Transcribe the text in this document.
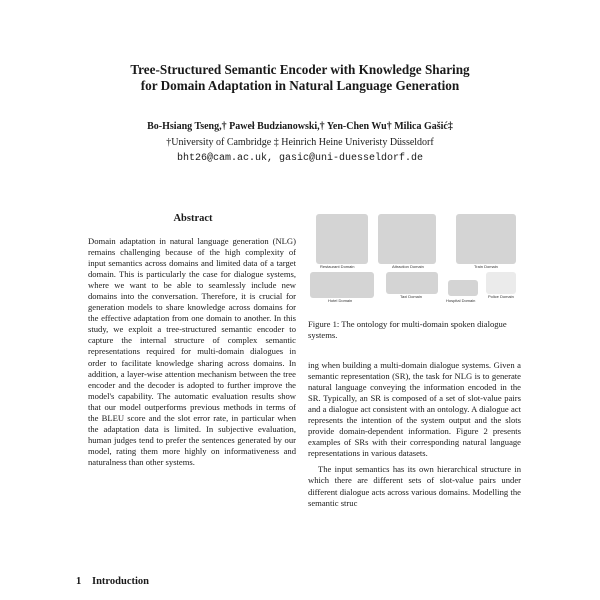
Tree-Structured Semantic Encoder with Knowledge Sharing
for Domain Adaptation in Natural Language Generation
Bo-Hsiang Tseng,† Paweł Budzianowski,† Yen-Chen Wu† Milica Gašić‡
†University of Cambridge ‡ Heinrich Heine Univeristy Düsseldorf
bht26@cam.ac.uk, gasic@uni-duesseldorf.de
Abstract

Domain adaptation in natural language generation (NLG) remains challenging because of the high complexity of input semantics across domains and limited data of a target domain. This is particularly the case for dialogue systems, where we want to be able to seamlessly include new domains into the conversation. Therefore, it is crucial for generation models to share knowledge across domains for the effective adaptation from one domain to another. In this study, we exploit a tree-structured semantic encoder to capture the internal structure of complex semantic representations required for multi-domain dialogues in order to facilitate knowledge sharing across domains. In addition, a layer-wise attention mechanism between the tree encoder and the decoder is adopted to further improve the model's capability. The automatic evaluation results show that our model outperforms previous methods in terms of the BLEU score and the slot error rate, in particular when the adaptation data is limited. In subjective evaluation, human judges tend to prefer the sentences generated by our model, rating them more highly on informativeness and naturalness than other systems.

1 Introduction

Restaurant Domain	Attraction Domain	Train Domain
Hotel Domain
Taxi Domain
Hospital Domain
Police Domain
Figure 1: The ontology for multi-domain spoken dialogue systems.

ing when building a multi-domain dialogue systems. Given a semantic representation (SR), the task for NLG is to generate natural language conveying the information encoded in the SR. Typically, an SR is composed of a set of slot-value pairs and a dialogue act consistent with an ontology. A dialogue act represents the intention of the system output and the slots provide domain-dependent information. Figure 2 presents examples of SRs with their corresponding natural language representations in various datasets.

The input semantics has its own hierarchical structure in which there are different sets of slot-value pairs under different dialogue acts across various domains. Modelling the semantic struc
